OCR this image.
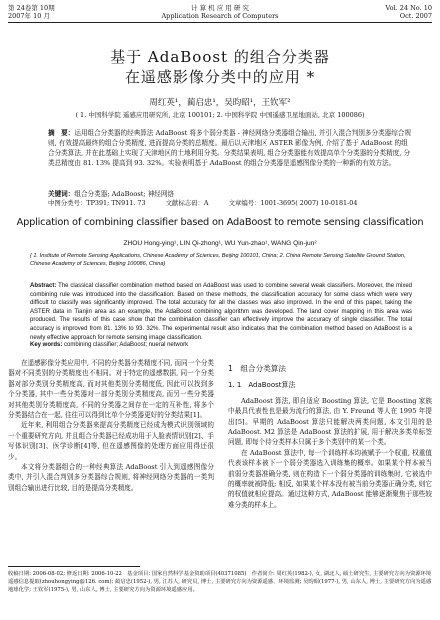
第 24卷第 10期
2007年 10 月
计 算 机 应 用 研 究
Application Research of Computers
Vol. 24 No. 10
Oct. 2007
基于 AdaBoost 的组合分类器
在遥感影像分类中的应用 *
周红英¹，蔺启忠¹，吴昀昭¹，王钦军²
( 1. 中国科学院 遥感应用研究所, 北京 100101; 2. 中国科学院 中国遥感卫星地面站, 北京 100086)
摘　要：运用组合分类器的经典算法 AdaBoost 将多个弱分类器 - 神经网络分类器组合输出, 并引入混合判别多分类器综合规则, 有效提高最终的组合分类精度, 进而提高分类的总精度。最后以天津地区 ASTER 影像为例, 介绍了基于 AdaBoost 的组合分类算法, 并在此基础上实现了天津地区的土地利用分类。分类结果表明, 组合分类器能有效提高单个分类器的分类精度, 分类总精度由 81. 13% 提高到 93. 32%。实验表明基于 AdaBoost 的组合分类器是遥感图像分类的一种新的有效方法。
关键词：组合分类器; AdaBoost; 神经网络
中图分类号：TP391; TN911. 73	文献标志码：A	文章编号：1001-3695( 2007) 10-0181-04
Application of combining classifier based on AdaBoost to remote sensing classification
ZHOU Hong-ying¹, LIN Qi-zhong¹, WU Yun-zhao¹, WANG Qin-jun²
( 1. Institute of Remote Sensing Applications, Chinese Academy of Sciences, Beijing 100101, China; 2. China Remote Sensing Satellite Ground Station, Chinese Academy of Sciences, Beijing 100086, China)
Abstract: The classical classifier combination method based on AdaBoost was used to combine several weak classifiers. Moreover, the mixed combining rule was introduced into the classification. Based on these methods, the classification accuracy for some class which were very difficult to classify was significantly improved. The total accuracy for all the classes was also improved. In the end of this paper, taking the ASTER data in Tianjin area as an example, the AdaBoost combining algorithm was developed. The land cover mapping in this area was produced. The results of this case show that the combination classifier can effectively improve the accuracy of single classifier. The total accuracy is improved from 81. 13% to 93. 32%. The experimental result also indicates that the combination method based on AdaBoost is a newly effective approach for remote sensing image classification.
Key words: combining classifier; AdaBoost; nueral network

在遥感影像分类应用中, 不同的分类器分类精度不同, 而同一个分类器对不同类别的分类精度也不相同。对于特定的遥感数据, 同一个分类器对部分类别分类精度高, 而对其他类别分类精度低, 因此可以找到多个分类器, 其中一些分类器对一部分类别分类精度高, 而另一些分类器对其他类别分类精度高, 不同的分类器之间存在一定的互补性, 将多个分类器结合在一起, 往往可以得到比单个分类器更好的分类结果[1]。

近年来, 利用组合分类器来提高分类精度已经成为模式识别领域的一个重要研究方向, 并且组合分类器已经成功用于人脸表情识别[2]、手写体识别[3]、医学诊断[4]等, 但在遥感图像的处理方面应用得还很少。

本文将分类器组合的一种经典算法 AdaBoost 引入到遥感图像分类中, 并引入混合判别多分类器综合规则, 将神经网络分类器的一类判别组合输出进行比较, 目的是提高分类精度。

1　组合分类算法
1. 1　AdaBoost算法

AdaBoost 算法, 即自适应 Boosting 算法, 它是 Boosting 家族中最具代表性也是最为流行的算法, 由 Y. Freund 等人在 1995 年提出[5]。早期的 AdaBoost 算法只能解决两类问题, 本文引用的是 AdaBoost. M2 算法是 AdaBoost 算法的扩展, 用于解决多类单标签问题, 即每个待分类样本只属于多个类别中的某一个类。

在 AdaBoost 算法中, 每一个训练样本均被赋予一个权重, 权重值代表该样本被下一个弱分类器选入训练集的概率。如果某个样本被当前弱分类器准确分类, 则在构造下一个弱分类器的训练集时, 它被选中的概率就被降低; 相反, 如果某个样本没有被当前分类器正确分类, 则它的权值就相应提高。通过这种方式, AdaBoost 能够逐渐聚焦于那些较难分类的样本上。

收稿日期: 2006-08-02; 修返日期: 2006-10-22　基金项目: 国家自然科学基金资助项目(40371085)　作者简介: 周红英(1982-), 女, 湖北人, 硕士研究生, 主要研究方向为资源环境遥感信息提取(zhouhongying@126. com); 蔺启忠(1952-), 男, 江苏人, 研究员, 博士, 主要研究方向为资源遥感、环境监测; 吴昀昭(1977-), 男, 山东人, 博士, 主要研究方向为遥感地球化学; 王钦军(1975-), 男, 山东人, 博士, 主要研究方向为资源环境遥感应用。
